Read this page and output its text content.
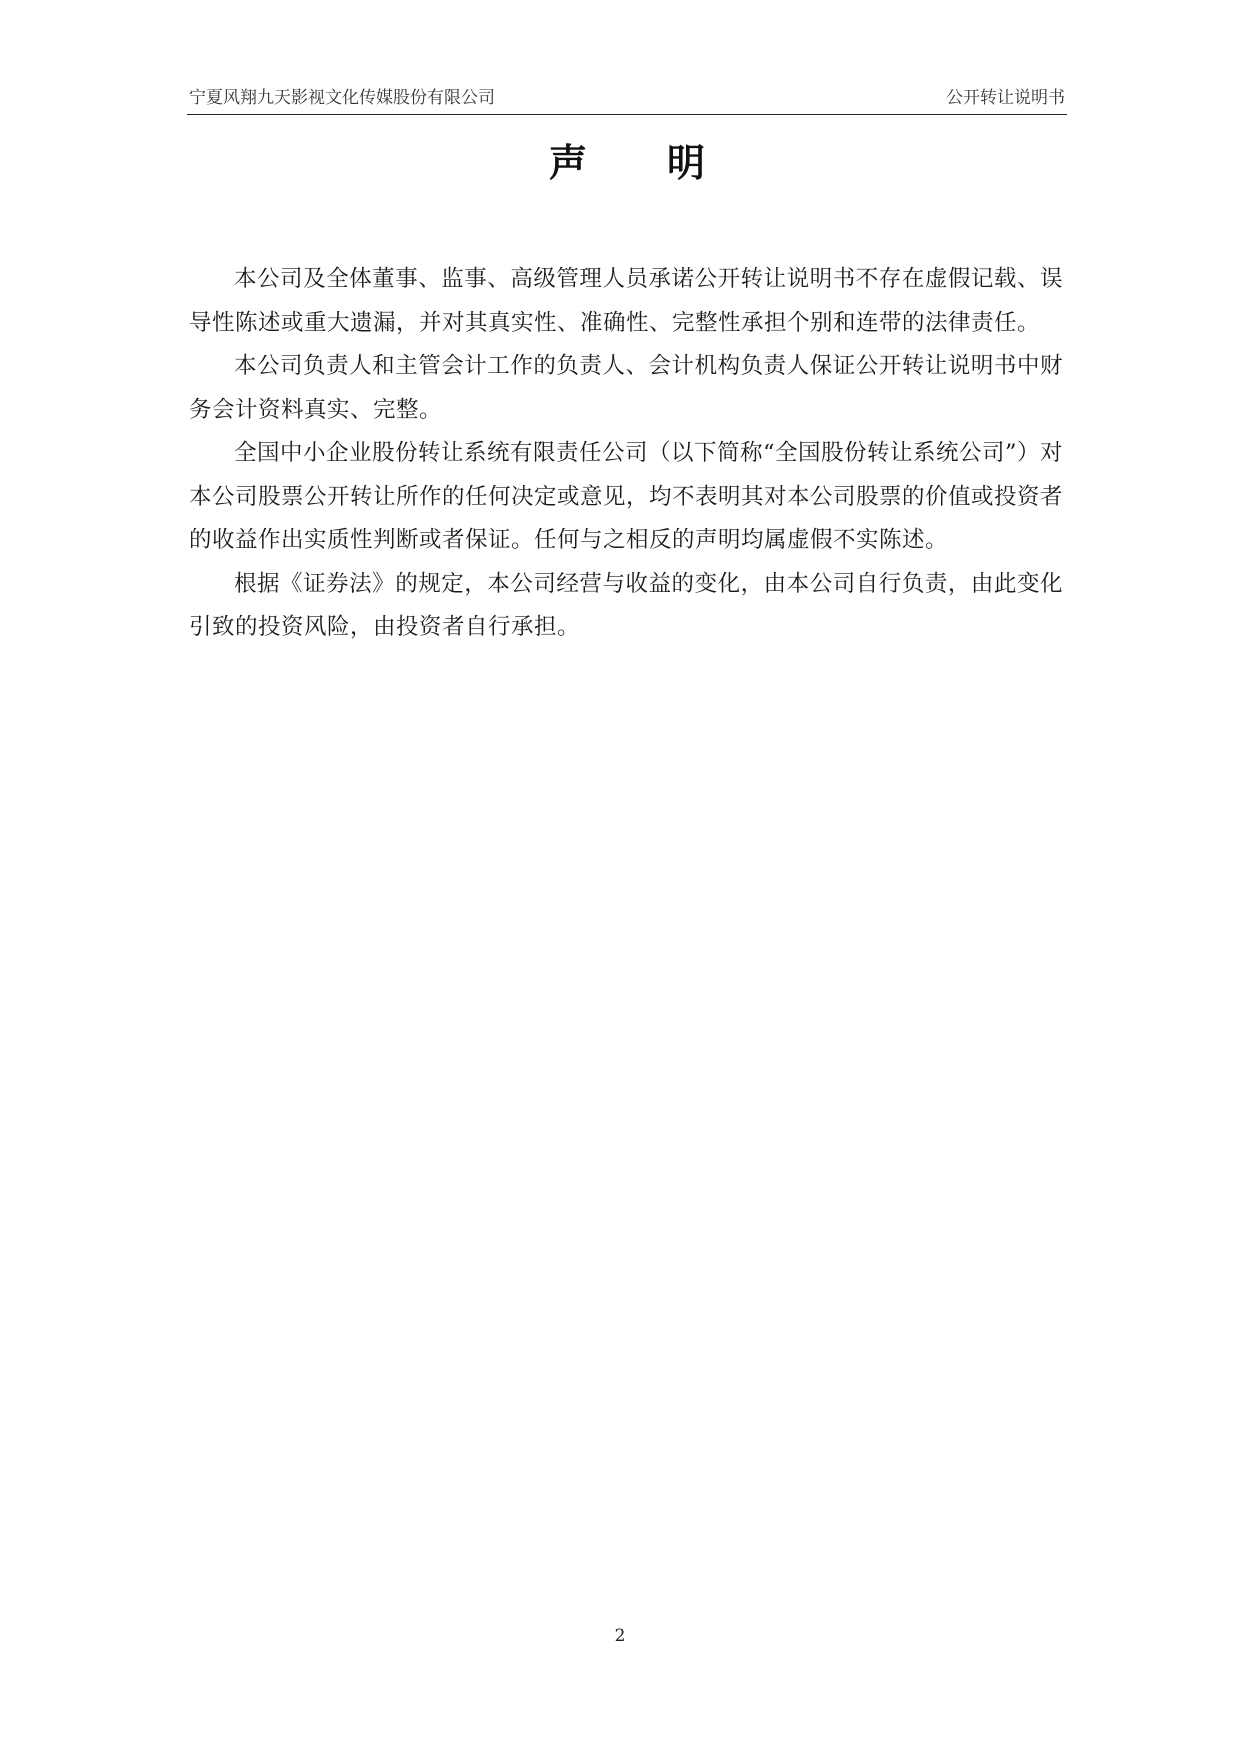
宁夏风翔九天影视文化传媒股份有限公司	公开转让说明书
声 明

本公司及全体董事、监事、高级管理人员承诺公开转让说明书不存在虚假记载、误导性陈述或重大遗漏，并对其真实性、准确性、完整性承担个别和连带的法律责任。

本公司负责人和主管会计工作的负责人、会计机构负责人保证公开转让说明书中财务会计资料真实、完整。

全国中小企业股份转让系统有限责任公司（以下简称“全国股份转让系统公司”）对本公司股票公开转让所作的任何决定或意见，均不表明其对本公司股票的价值或投资者的收益作出实质性判断或者保证。任何与之相反的声明均属虚假不实陈述。

根据《证券法》的规定，本公司经营与收益的变化，由本公司自行负责，由此变化引致的投资风险，由投资者自行承担。

2
